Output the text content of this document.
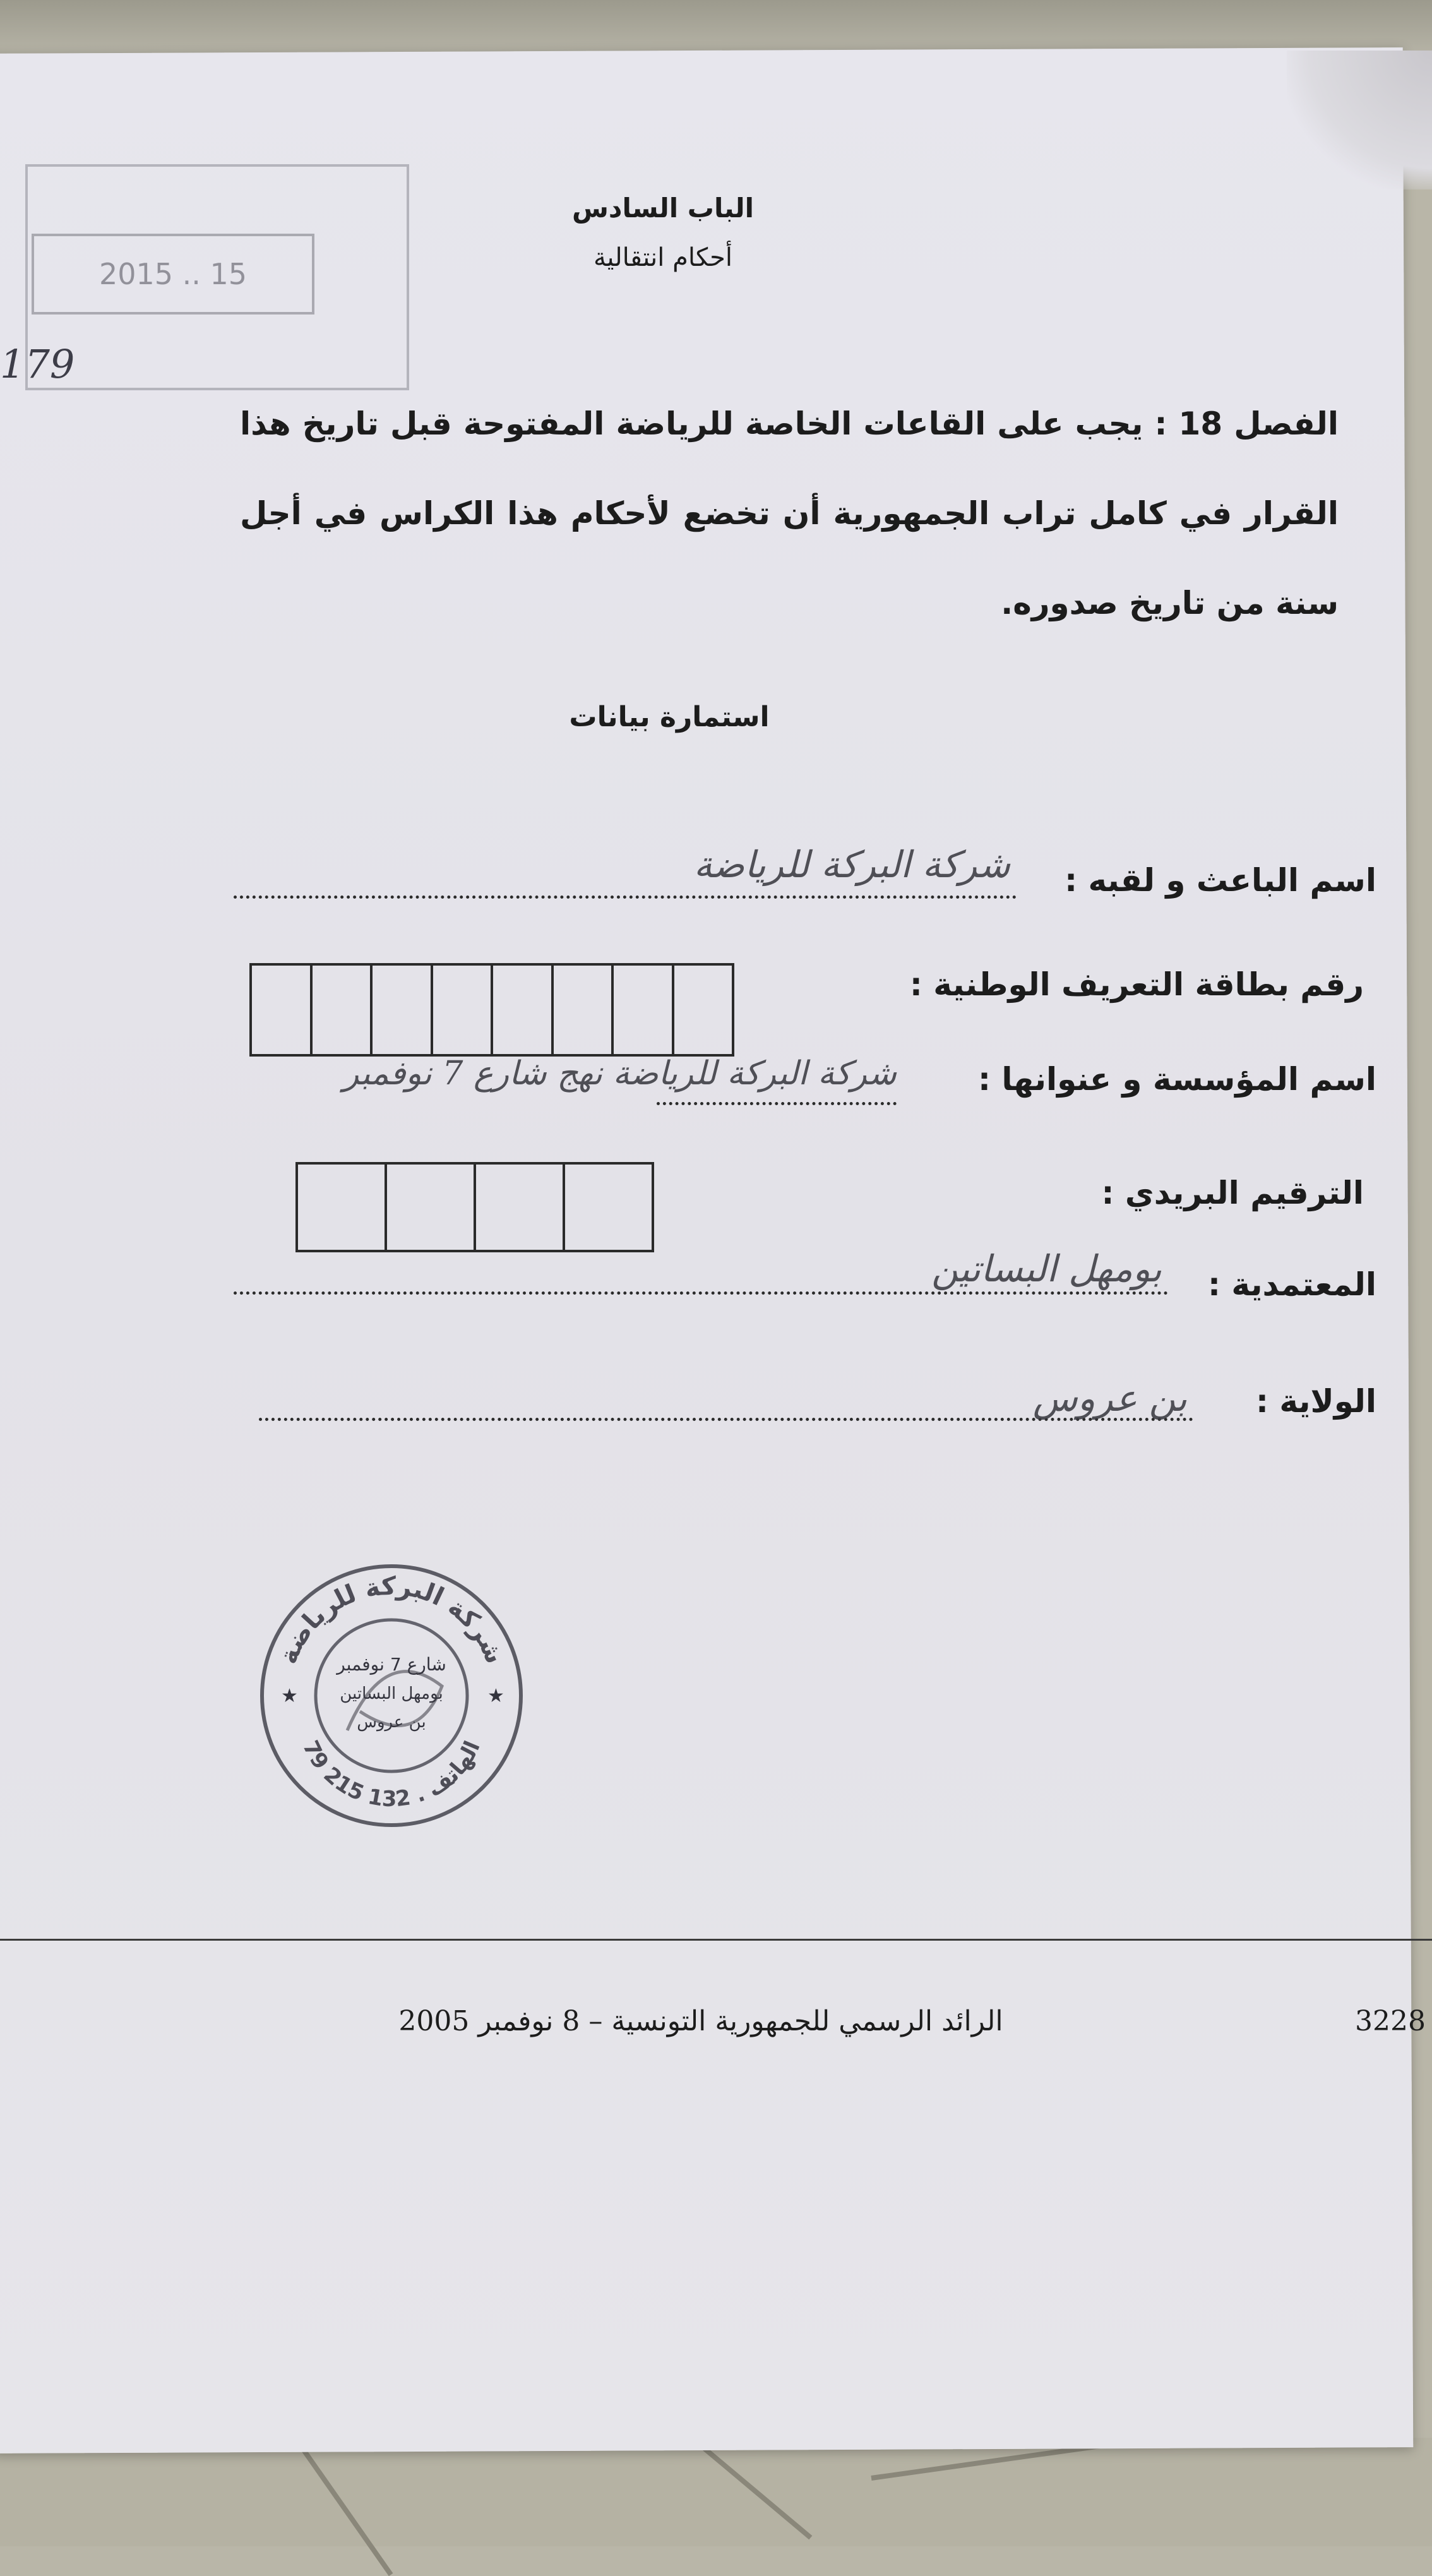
2015 .. 15
179
الباب السادس
أحكام انتقالية
الفصل 18 : يجب على القاعات الخاصة للرياضة المفتوحة قبل تاريخ هذا القرار في كامل تراب الجمهورية أن تخضع لأحكام هذا الكراس في أجل سنة من تاريخ صدوره.
استمارة بيانات
اسم الباعث و لقبه :
شركة البركة للرياضة
رقم بطاقة التعريف الوطنية :
اسم المؤسسة و عنوانها :
شركة البركة للرياضة نهج شارع 7 نوفمبر
الترقيم البريدي :
المعتمدية :
بومهل البساتين
الولاية :
بن عروس
شركة البركة للرياضة
79 215 132 . الهاتف
شارع 7 نوفمبر
بومهل البساتين
بن عروس
★	★
الرائد الرسمي للجمهورية التونسية – 8 نوفمبر 2005	3228
